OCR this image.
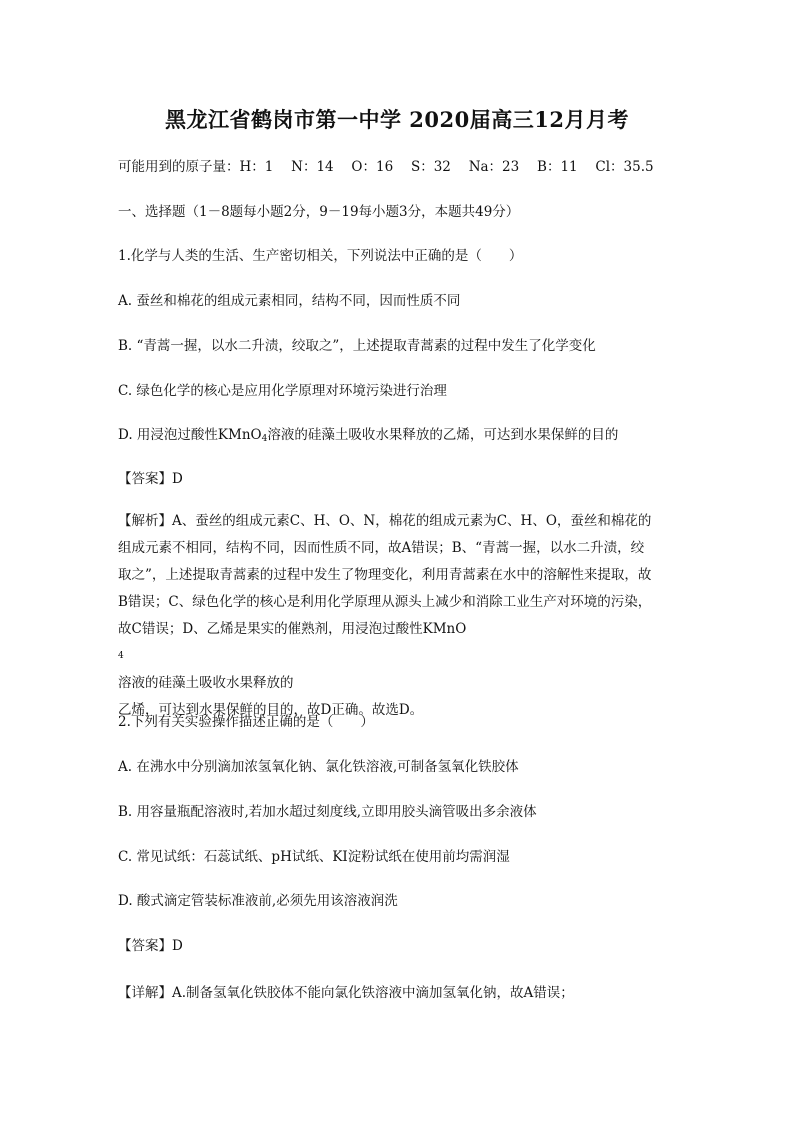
黑龙江省鹤岗市第一中学 2020届高三12月月考
可能用到的原子量：H：1　 N：14　 O：16　 S：32　 Na：23　 B：11　 Cl：35.5
一、选择题（1－8题每小题2分，9－19每小题3分，本题共49分）
1.化学与人类的生活、生产密切相关，下列说法中正确的是（　　）
A. 蚕丝和棉花的组成元素相同，结构不同，因而性质不同
B. “青蒿一握，以水二升渍，绞取之”，上述提取青蒿素的过程中发生了化学变化
C. 绿色化学的核心是应用化学原理对环境污染进行治理
D. 用浸泡过酸性KMnO$_4$溶液的硅藻土吸收水果释放的乙烯，可达到水果保鲜的目的
【答案】D
【解析】A、蚕丝的组成元素C、H、O、N，棉花的组成元素为C、H、O，蚕丝和棉花的
组成元素不相同，结构不同，因而性质不同，故A错误；B、“青蒿一握，以水二升渍，绞
取之”，上述提取青蒿素的过程中发生了物理变化，利用青蒿素在水中的溶解性来提取，故
B错误；C、绿色化学的核心是利用化学原理从源头上减少和消除工业生产对环境的污染，
故C错误；D、乙烯是果实的催熟剂，用浸泡过酸性KMnO
4
溶液的硅藻土吸收水果释放的
乙烯，可达到水果保鲜的目的，故D正确。故选D。
2.下列有关实验操作描述正确的是（　　）
A. 在沸水中分别滴加浓氢氧化钠、氯化铁溶液,可制备氢氧化铁胶体
B. 用容量瓶配溶液时,若加水超过刻度线,立即用胶头滴管吸出多余液体
C. 常见试纸：石蕊试纸、pH试纸、KI淀粉试纸在使用前均需润湿
D. 酸式滴定管装标准液前,必须先用该溶液润洗
【答案】D
【详解】A.制备氢氧化铁胶体不能向氯化铁溶液中滴加氢氧化钠，故A错误；
